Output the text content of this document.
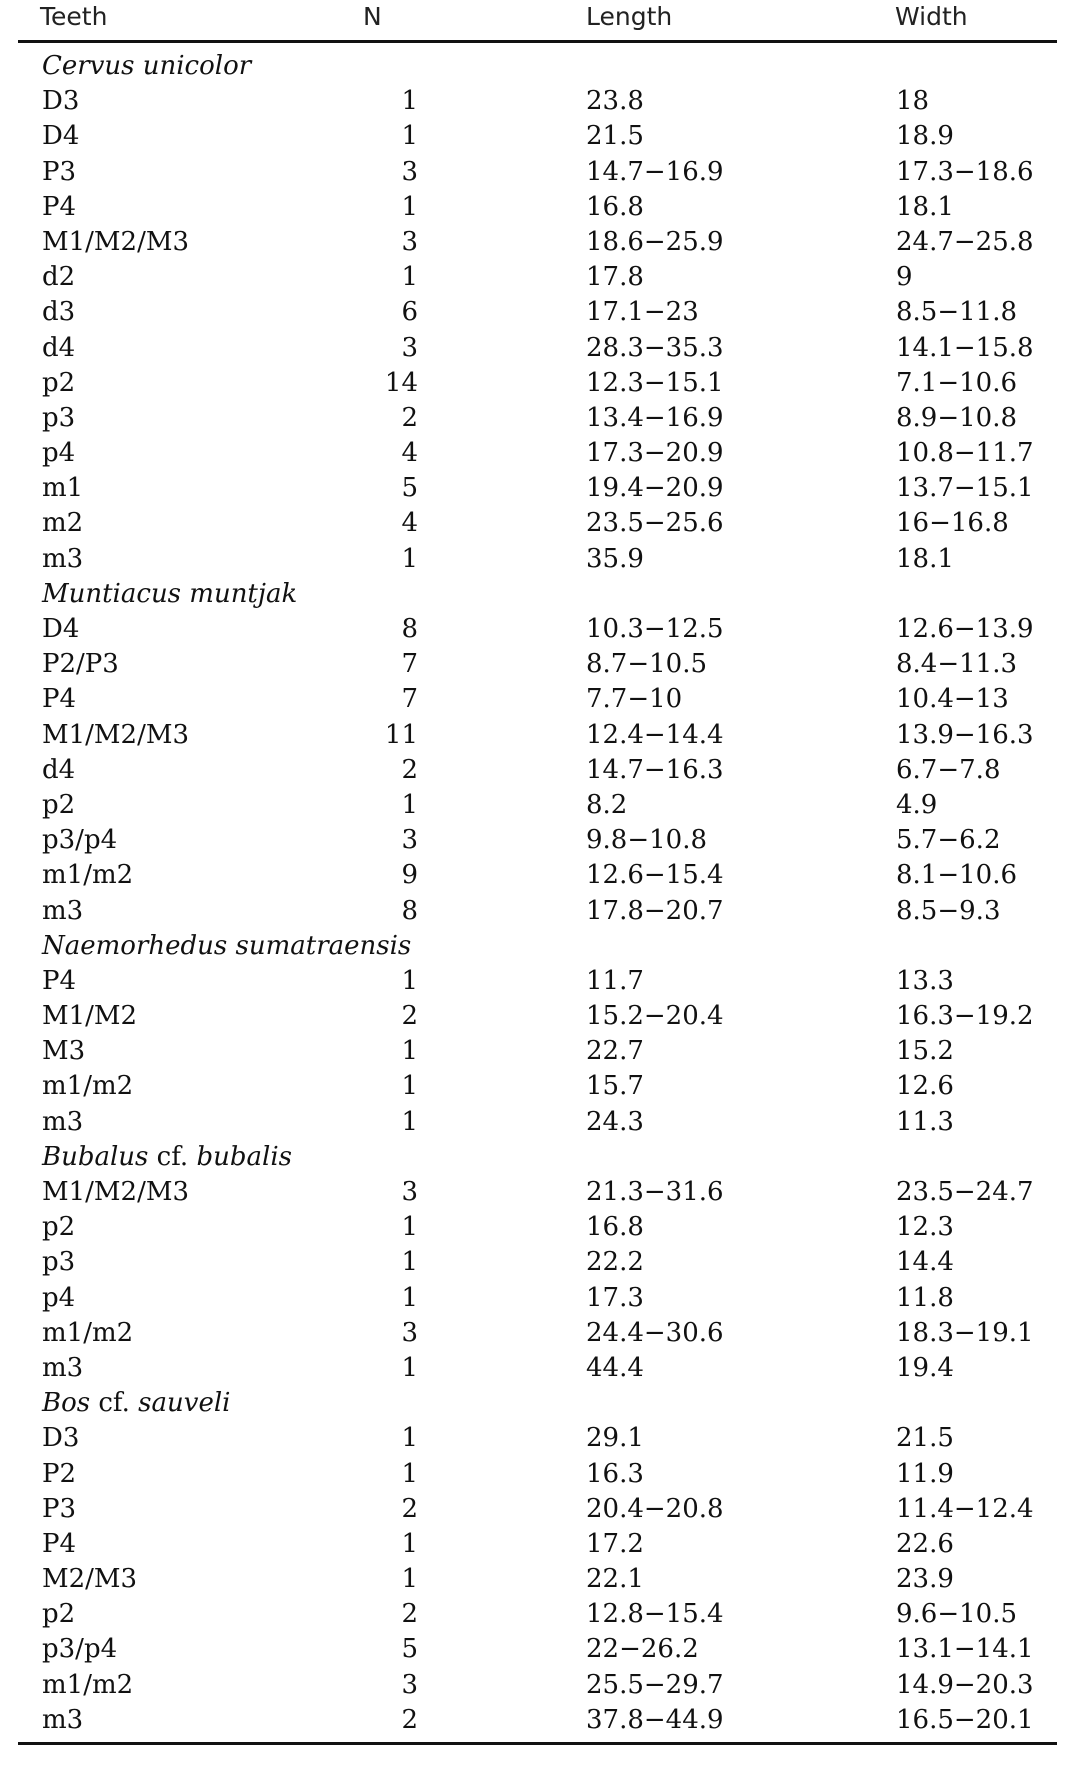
Teeth	N	Length	Width
Cervus unicolor
D3	1	23.8	18
D4	1	21.5	18.9
P3	3	14.7−16.9	17.3−18.6
P4	1	16.8	18.1
M1/M2/M3	3	18.6−25.9	24.7−25.8
d2	1	17.8	9
d3	6	17.1−23	8.5−11.8
d4	3	28.3−35.3	14.1−15.8
p2	14	12.3−15.1	7.1−10.6
p3	2	13.4−16.9	8.9−10.8
p4	4	17.3−20.9	10.8−11.7
m1	5	19.4−20.9	13.7−15.1
m2	4	23.5−25.6	16−16.8
m3	1	35.9	18.1
Muntiacus muntjak
D4	8	10.3−12.5	12.6−13.9
P2/P3	7	8.7−10.5	8.4−11.3
P4	7	7.7−10	10.4−13
M1/M2/M3	11	12.4−14.4	13.9−16.3
d4	2	14.7−16.3	6.7−7.8
p2	1	8.2	4.9
p3/p4	3	9.8−10.8	5.7−6.2
m1/m2	9	12.6−15.4	8.1−10.6
m3	8	17.8−20.7	8.5−9.3
Naemorhedus sumatraensis
P4	1	11.7	13.3
M1/M2	2	15.2−20.4	16.3−19.2
M3	1	22.7	15.2
m1/m2	1	15.7	12.6
m3	1	24.3	11.3
Bubalus cf. bubalis
M1/M2/M3	3	21.3−31.6	23.5−24.7
p2	1	16.8	12.3
p3	1	22.2	14.4
p4	1	17.3	11.8
m1/m2	3	24.4−30.6	18.3−19.1
m3	1	44.4	19.4
Bos cf. sauveli
D3	1	29.1	21.5
P2	1	16.3	11.9
P3	2	20.4−20.8	11.4−12.4
P4	1	17.2	22.6
M2/M3	1	22.1	23.9
p2	2	12.8−15.4	9.6−10.5
p3/p4	5	22−26.2	13.1−14.1
m1/m2	3	25.5−29.7	14.9−20.3
m3	2	37.8−44.9	16.5−20.1
